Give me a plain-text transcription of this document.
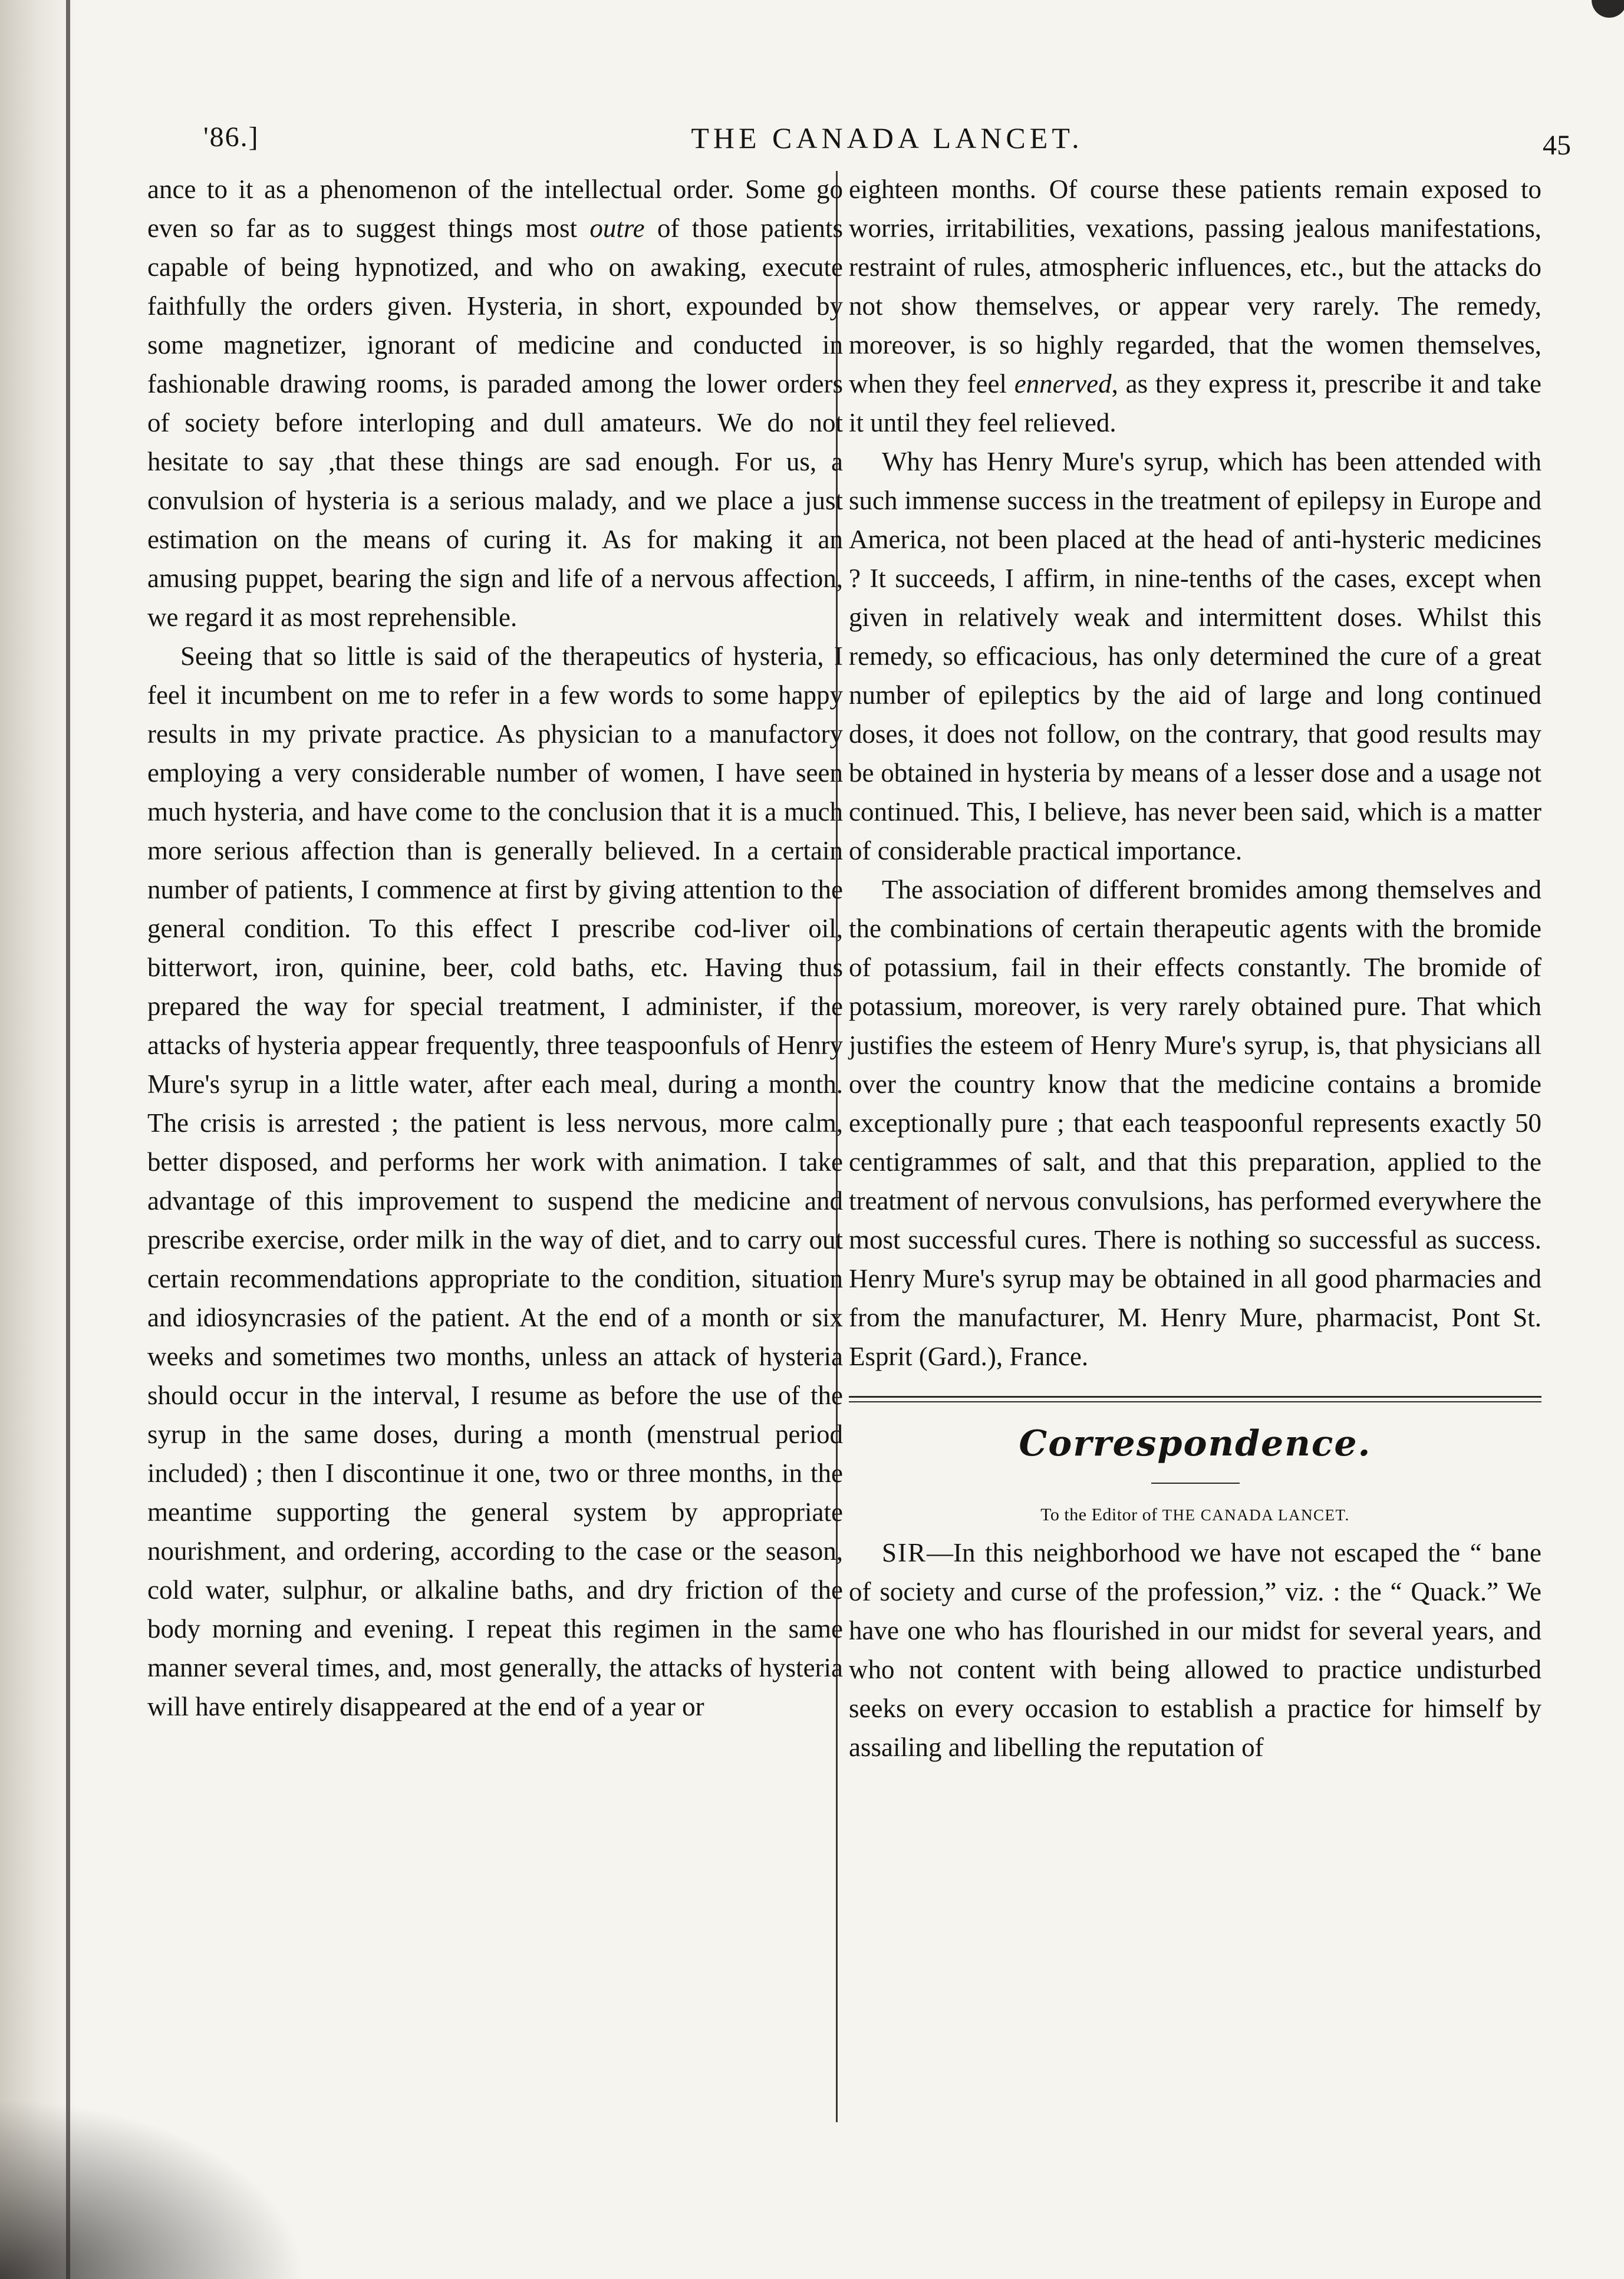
'86.]	THE CANADA LANCET.	45

ance to it as a phenomenon of the intellectual order. Some go even so far as to suggest things most outre of those patients capable of being hypnotized, and who on awaking, execute faithfully the orders given. Hysteria, in short, expounded by some magnetizer, ignorant of medicine and conducted in fashionable drawing rooms, is paraded among the lower orders of society before interloping and dull amateurs. We do not hesitate to say ,that these things are sad enough. For us, a convulsion of hysteria is a serious malady, and we place a just estimation on the means of curing it. As for making it an amusing puppet, bearing the sign and life of a nervous affection, we regard it as most reprehensible.

Seeing that so little is said of the therapeutics of hysteria, I feel it incumbent on me to refer in a few words to some happy results in my private practice. As physician to a manufactory employing a very considerable number of women, I have seen much hysteria, and have come to the conclusion that it is a much more serious affection than is generally believed. In a certain number of patients, I commence at first by giving attention to the general condition. To this effect I prescribe cod-liver oil, bitterwort, iron, quinine, beer, cold baths, etc. Having thus prepared the way for special treatment, I administer, if the attacks of hysteria appear frequently, three teaspoonfuls of Henry Mure's syrup in a little water, after each meal, during a month. The crisis is arrested ; the patient is less nervous, more calm, better disposed, and performs her work with animation. I take advantage of this improvement to suspend the medicine and prescribe exercise, order milk in the way of diet, and to carry out certain recommendations appropriate to the condition, situation and idiosyncrasies of the patient. At the end of a month or six weeks and sometimes two months, unless an attack of hysteria should occur in the interval, I resume as before the use of the syrup in the same doses, during a month (menstrual period included) ; then I discontinue it one, two or three months, in the meantime supporting the general system by appropriate nourishment, and ordering, according to the case or the season, cold water, sulphur, or alkaline baths, and dry friction of the body morning and evening. I repeat this regimen in the same manner several times, and, most generally, the attacks of hysteria will have entirely disappeared at the end of a year or

eighteen months. Of course these patients remain exposed to worries, irritabilities, vexations, passing jealous manifestations, restraint of rules, atmospheric influences, etc., but the attacks do not show themselves, or appear very rarely. The remedy, moreover, is so highly regarded, that the women themselves, when they feel ennerved, as they express it, prescribe it and take it until they feel relieved.

Why has Henry Mure's syrup, which has been attended with such immense success in the treatment of epilepsy in Europe and America, not been placed at the head of anti-hysteric medicines ? It succeeds, I affirm, in nine-tenths of the cases, except when given in relatively weak and intermittent doses. Whilst this remedy, so efficacious, has only determined the cure of a great number of epileptics by the aid of large and long continued doses, it does not follow, on the contrary, that good results may be obtained in hysteria by means of a lesser dose and a usage not continued. This, I believe, has never been said, which is a matter of considerable practical importance.

The association of different bromides among themselves and the combinations of certain therapeutic agents with the bromide of potassium, fail in their effects constantly. The bromide of potassium, moreover, is very rarely obtained pure. That which justifies the esteem of Henry Mure's syrup, is, that physicians all over the country know that the medicine contains a bromide exceptionally pure ; that each teaspoonful represents exactly 50 centigrammes of salt, and that this preparation, applied to the treatment of nervous convulsions, has performed everywhere the most successful cures. There is nothing so successful as success. Henry Mure's syrup may be obtained in all good pharmacies and from the manufacturer, M. Henry Mure, pharmacist, Pont St. Esprit (Gard.), France.

Correspondence.
To the Editor of THE CANADA LANCET.

SIR—In this neighborhood we have not escaped the “ bane of society and curse of the profession,” viz. : the “ Quack.” We have one who has flourished in our midst for several years, and who not content with being allowed to practice undisturbed seeks on every occasion to establish a practice for himself by assailing and libelling the reputation of
